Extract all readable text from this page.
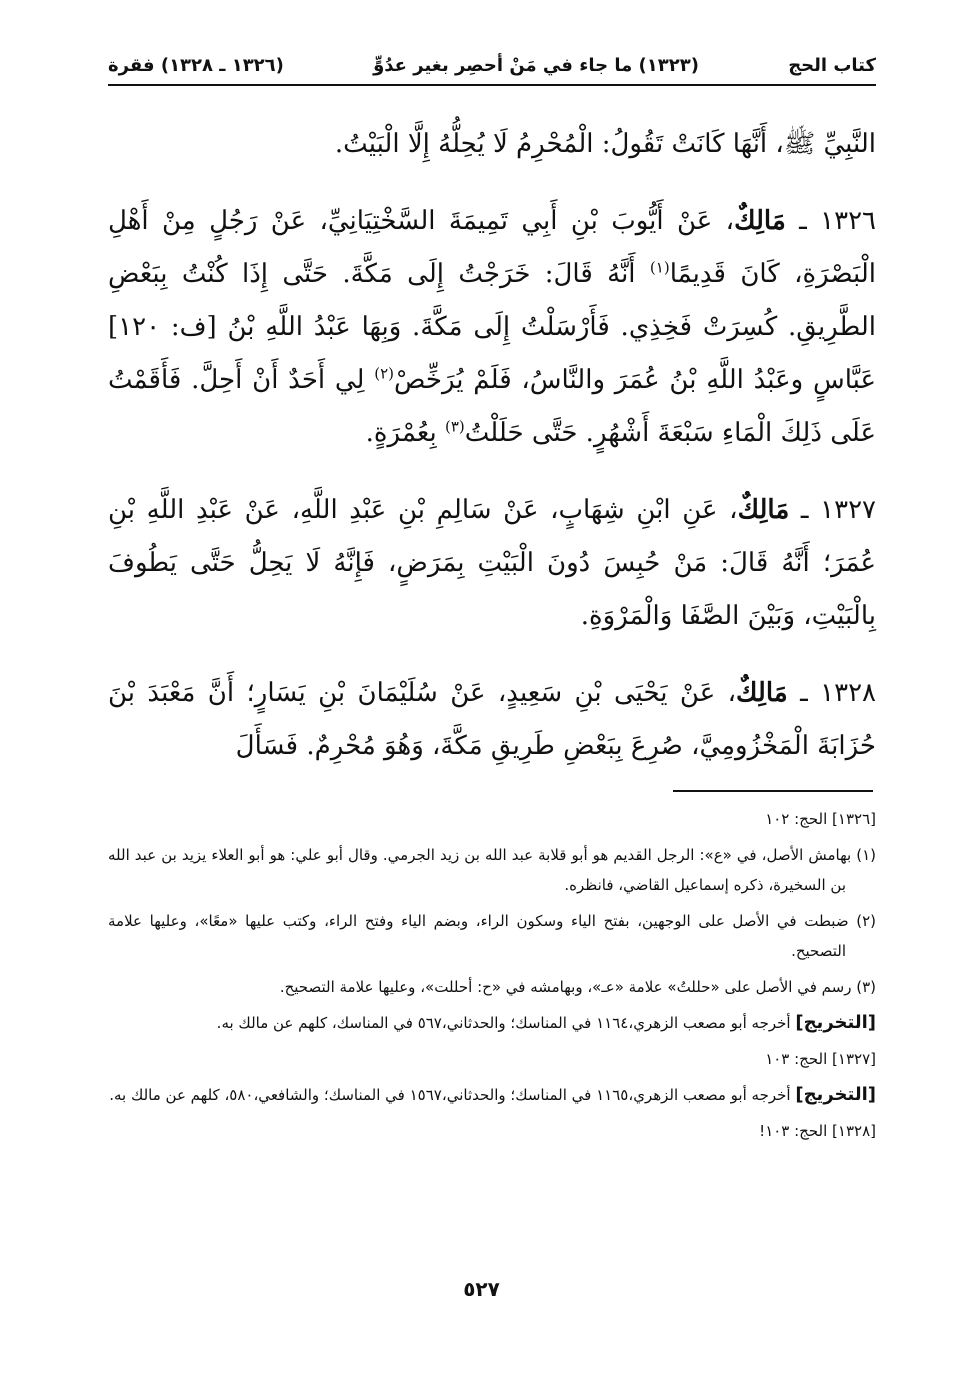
كتاب الحج
(١٣٢٣) ما جاء في مَنْ أحصِر بغير عدُوٍّ
(١٣٢٦ ـ ١٣٢٨) فقرة

النَّبِيِّ ﷺ، أَنَّهَا كَانَتْ تَقُولُ: الْمُحْرِمُ لَا يُحِلُّهُ إِلَّا الْبَيْتُ.

١٣٢٦ ـ مَالِكٌ، عَنْ أَيُّوبَ بْنِ أَبِي تَمِيمَةَ السَّخْتِيَانِيِّ، عَنْ رَجُلٍ مِنْ أَهْلِ الْبَصْرَةِ، كَانَ قَدِيمًا$^{(١)}$ أَنَّهُ قَالَ: خَرَجْتُ إِلَى مَكَّةَ. حَتَّى إِذَا كُنْتُ بِبَعْضِ الطَّرِيقِ. كُسِرَتْ فَخِذِي. فَأَرْسَلْتُ إِلَى مَكَّةَ. وَبِهَا عَبْدُ اللَّهِ بْنُ [ف: ١٢٠] عَبَّاسٍ وعَبْدُ اللَّهِ بْنُ عُمَرَ والنَّاسُ، فَلَمْ يُرَخِّصْ$^{(٢)}$ لِي أَحَدٌ أَنْ أَحِلَّ. فَأَقَمْتُ عَلَى ذَلِكَ الْمَاءِ سَبْعَةَ أَشْهُرٍ. حَتَّى حَلَلْتُ$^{(٣)}$ بِعُمْرَةٍ.

١٣٢٧ ـ مَالِكٌ، عَنِ ابْنِ شِهَابٍ، عَنْ سَالِمِ بْنِ عَبْدِ اللَّهِ، عَنْ عَبْدِ اللَّهِ بْنِ عُمَرَ؛ أَنَّهُ قَالَ: مَنْ حُبِسَ دُونَ الْبَيْتِ بِمَرَضٍ، فَإِنَّهُ لَا يَحِلُّ حَتَّى يَطُوفَ بِالْبَيْتِ، وَبَيْنَ الصَّفَا وَالْمَرْوَةِ.

١٣٢٨ ـ مَالِكٌ، عَنْ يَحْيَى بْنِ سَعِيدٍ، عَنْ سُلَيْمَانَ بْنِ يَسَارٍ؛ أَنَّ مَعْبَدَ بْنَ حُزَابَةَ الْمَخْزُومِيَّ، صُرِعَ بِبَعْضِ طَرِيقِ مَكَّةَ، وَهُوَ مُحْرِمٌ. فَسَأَلَ

[١٣٢٦] الحج: ١٠٢
(١) بهامش الأصل، في «ع»: الرجل القديم هو أبو قلابة عبد الله بن زيد الجرمي. وقال أبو علي: هو أبو العلاء يزيد بن عبد الله بن السخيرة، ذكره إسماعيل القاضي، فانظره.
(٢) ضبطت في الأصل على الوجهين، بفتح الياء وسكون الراء، وبضم الياء وفتح الراء، وكتب عليها «معًا»، وعليها علامة التصحيح.
(٣) رسم في الأصل على «حللتُ» علامة «عـ»، وبهامشه في «ح: أحللت»، وعليها علامة التصحيح.
[التخريج] أخرجه أبو مصعب الزهري،١١٦٤ في المناسك؛ والحدثاني،٥٦٧ في المناسك، كلهم عن مالك به.
[١٣٢٧] الحج: ١٠٣
[التخريج] أخرجه أبو مصعب الزهري،١١٦٥ في المناسك؛ والحدثاني،١٥٦٧ في المناسك؛ والشافعي،٥٨٠، كلهم عن مالك به.
[١٣٢٨] الحج: ١٠٣!
٥٢٧
